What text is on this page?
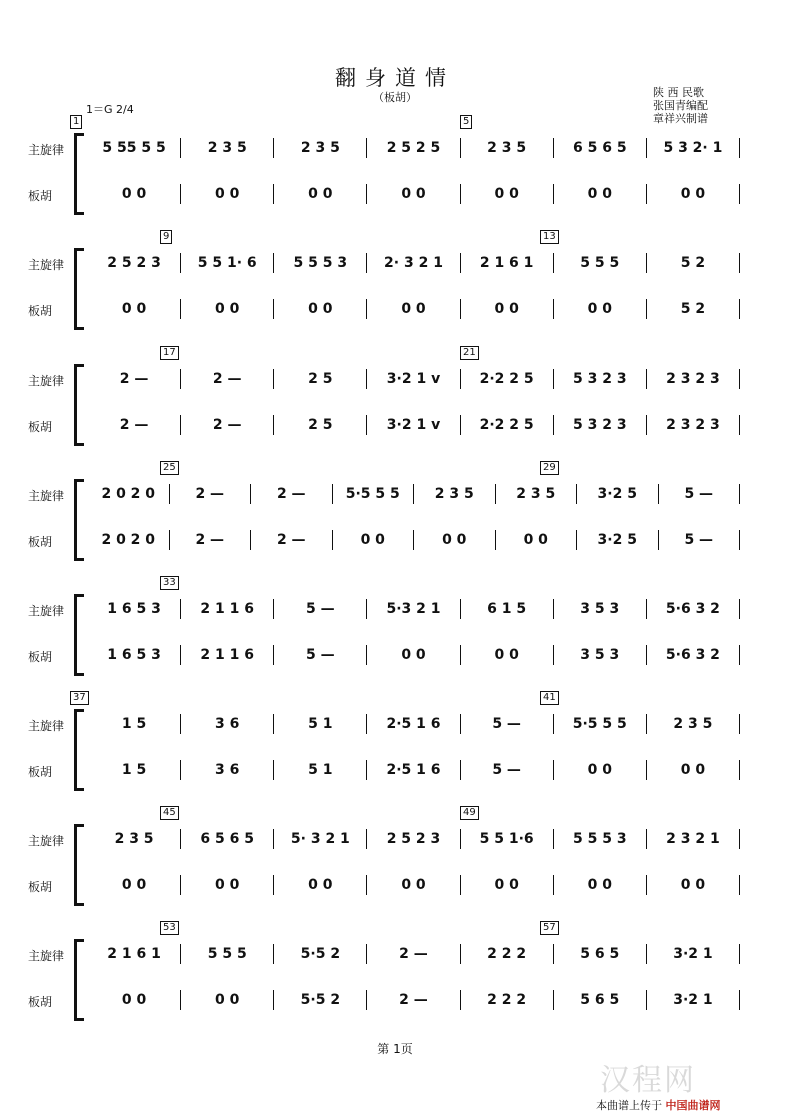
翻身道情
（板胡）	陕 西 民歌
张国青编配
章祥兴制谱
1＝G 2/4
1	5
主旋律	5 55 5 5	2 3 5	2 3 5	2 5 2 5	2 3 5	6 5 6 5	5 3 2· 1
板胡	0 0	0 0	0 0	0 0	0 0	0 0	0 0
9	13
主旋律	2 5 2 3	5 5 1· 6	5 5 5 3	2· 3 2 1	2 1 6 1	5 5 5	5 2
板胡	0 0	0 0	0 0	0 0	0 0	0 0	5 2
17	21
主旋律	2 —	2 —	2 5	3·2 1 v	2·2 2 5	5 3 2 3	2 3 2 3
板胡	2 —	2 —	2 5	3·2 1 v	2·2 2 5	5 3 2 3	2 3 2 3
25	29
主旋律	2 0 2 0	2 —	2 —	5·5 5 5	2 3 5	2 3 5	3·2 5	5 —
板胡	2 0 2 0	2 —	2 —	0 0	0 0	0 0	3·2 5	5 —
33
主旋律	1 6 5 3	2 1 1 6	5 —	5·3 2 1	6 1 5	3 5 3	5·6 3 2
板胡	1 6 5 3	2 1 1 6	5 —	0 0	0 0	3 5 3	5·6 3 2
37	41
主旋律	1 5	3 6	5 1	2·5 1 6	5 —	5·5 5 5	2 3 5
板胡	1 5	3 6	5 1	2·5 1 6	5 —	0 0	0 0
45	49
主旋律	2 3 5	6 5 6 5	5· 3 2 1	2 5 2 3	5 5 1·6	5 5 5 3	2 3 2 1
板胡	0 0	0 0	0 0	0 0	0 0	0 0	0 0
53	57
主旋律	2 1 6 1	5 5 5	5·5 2	2 —	2 2 2	5 6 5	3·2 1
板胡	0 0	0 0	5·5 2	2 —	2 2 2	5 6 5	3·2 1
第 1页
汉程网
本曲谱上传于 中国曲谱网
